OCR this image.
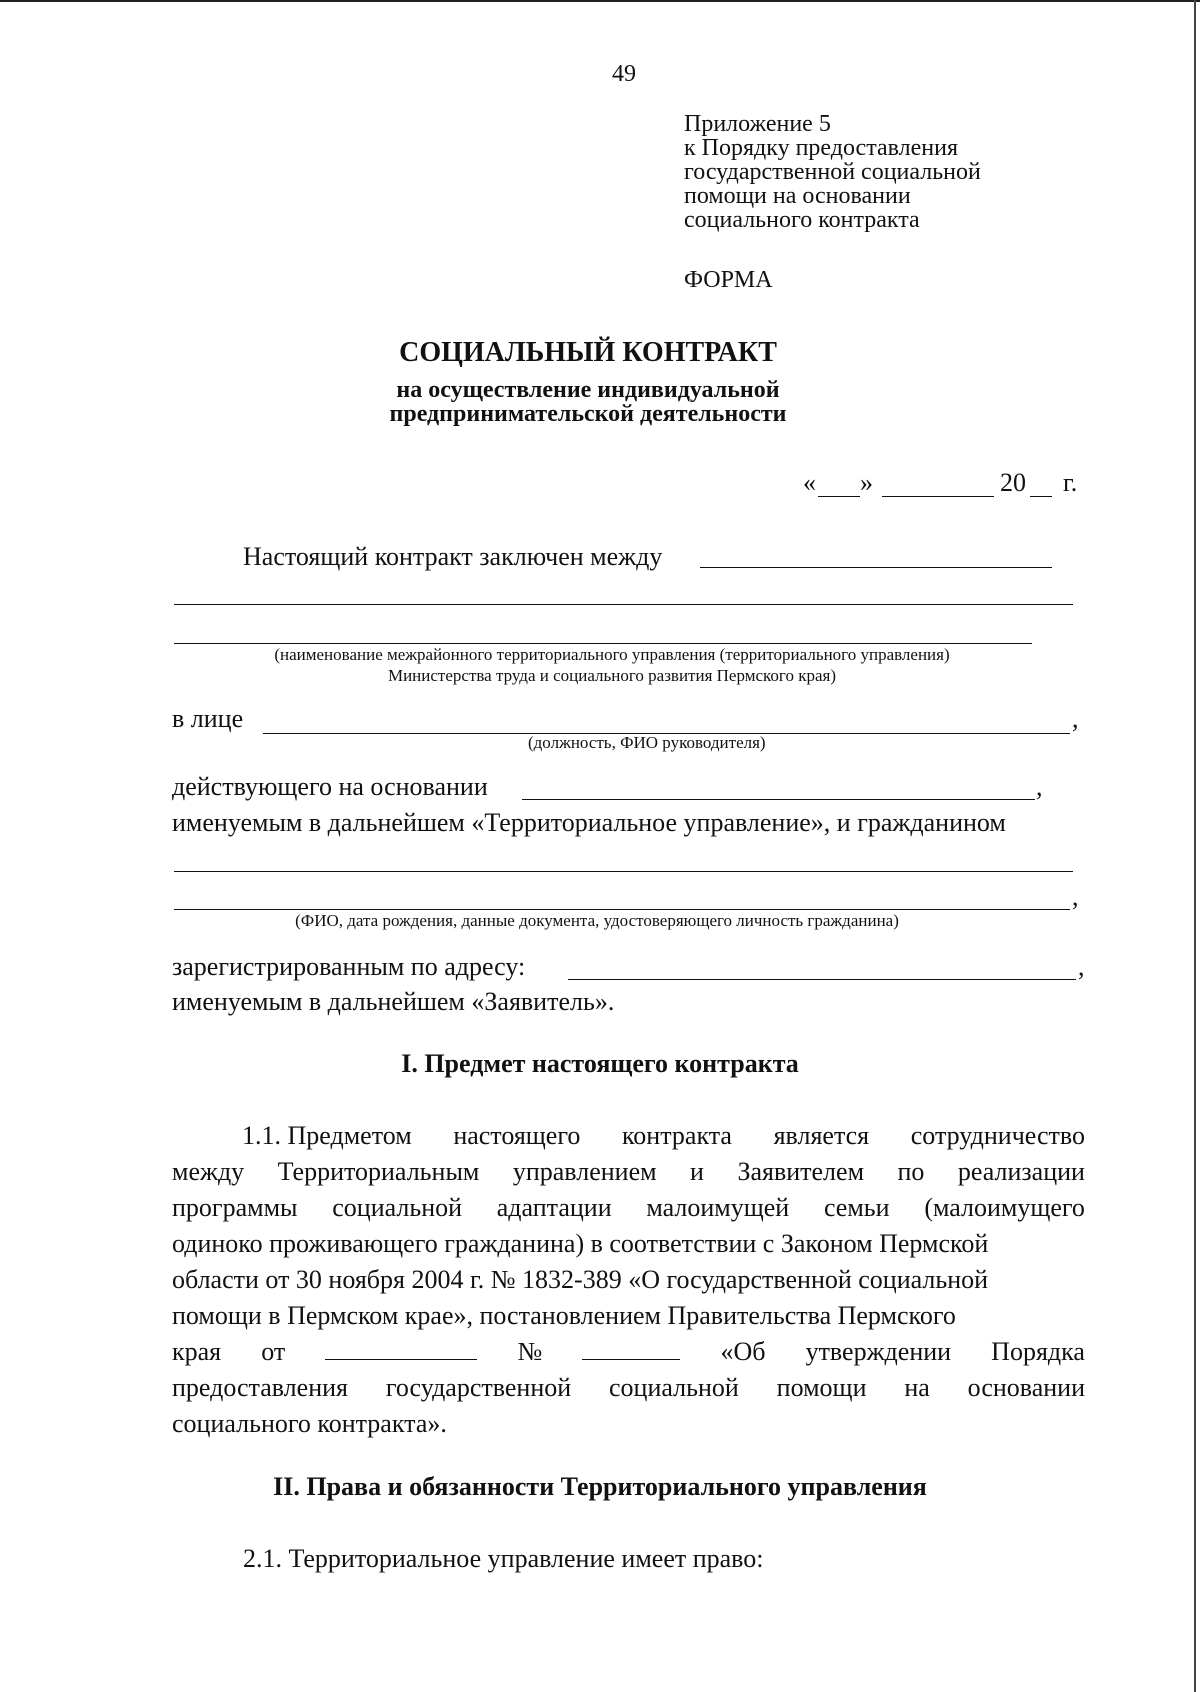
49
Приложение 5
к Порядку предоставления
государственной социальной
помощи на основании
социального контракта
ФОРМА
СОЦИАЛЬНЫЙ КОНТРАКТ
на осуществление индивидуальной
предпринимательской деятельности
« »	20 г.
Настоящий контракт заключен между
(наименование межрайонного территориального управления (территориального управления)
Министерства труда и социального развития Пермского края)
в лице	,
(должность, ФИО руководителя)
действующего на основании	,
именуемым в дальнейшем «Территориальное управление», и гражданином
,
(ФИО, дата рождения, данные документа, удостоверяющего личность гражданина)
зарегистрированным по адресу:	,
именуемым в дальнейшем «Заявитель».
I. Предмет настоящего контракта
1.1. Предметом настоящего контракта является сотрудничество
между Территориальным управлением и Заявителем по реализации
программы социальной адаптации малоимущей семьи (малоимущего
одиноко проживающего гражданина) в соответствии с Законом Пермской
области от 30 ноября 2004 г. № 1832-389 «О государственной социальной
помощи в Пермском крае», постановлением Правительства Пермского
края от	№	«Об утверждении Порядка
предоставления государственной социальной помощи на основании
социального контракта».
II. Права и обязанности Территориального управления
2.1. Территориальное управление имеет право:
